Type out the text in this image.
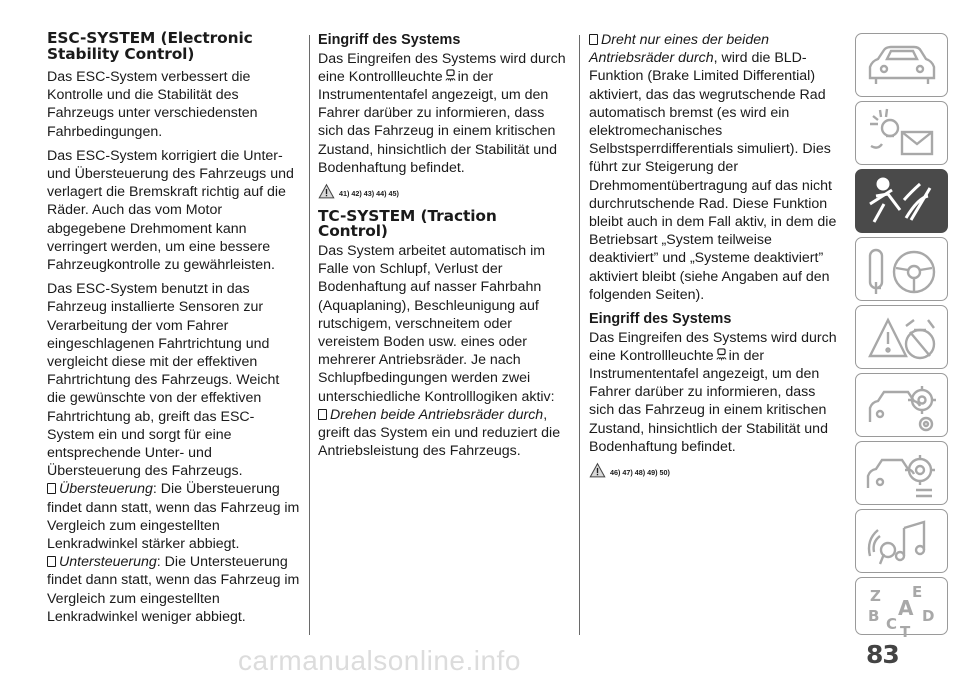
ESC-SYSTEM (Electronic
Stability Control)

Das ESC-System verbessert die Kontrolle und die Stabilität des Fahrzeugs unter verschiedensten Fahrbedingungen.

Das ESC-System korrigiert die Unter- und Übersteuerung des Fahrzeugs und verlagert die Bremskraft richtig auf die Räder. Auch das vom Motor abgegebene Drehmoment kann verringert werden, um eine bessere Fahrzeugkontrolle zu gewährleisten.

Das ESC-System benutzt in das Fahrzeug installierte Sensoren zur Verarbeitung der vom Fahrer eingeschlagenen Fahrtrichtung und vergleicht diese mit der effektiven Fahrtrichtung des Fahrzeugs. Weicht die gewünschte von der effektiven Fahrtrichtung ab, greift das ESC-System ein und sorgt für eine entsprechende Unter- und Übersteuerung des Fahrzeugs.

Übersteuerung: Die Übersteuerung findet dann statt, wenn das Fahrzeug im Vergleich zum eingestellten Lenkradwinkel stärker abbiegt.

Untersteuerung: Die Untersteuerung findet dann statt, wenn das Fahrzeug im Vergleich zum eingestellten Lenkradwinkel weniger abbiegt.

Eingriff des Systems

Das Eingreifen des Systems wird durch eine Kontrollleuchte in der Instrumententafel angezeigt, um den Fahrer darüber zu informieren, dass sich das Fahrzeug in einem kritischen Zustand, hinsichtlich der Stabilität und Bodenhaftung befindet.

41) 42) 43) 44) 45)
TC-SYSTEM (Traction
Control)

Das System arbeitet automatisch im Falle von Schlupf, Verlust der Bodenhaftung auf nasser Fahrbahn (Aquaplaning), Beschleunigung auf rutschigem, verschneitem oder vereistem Boden usw. eines oder mehrerer Antriebsräder. Je nach Schlupfbedingungen werden zwei unterschiedliche Kontrolllogiken aktiv:

Drehen beide Antriebsräder durch, greift das System ein und reduziert die Antriebsleistung des Fahrzeugs.

Dreht nur eines der beiden Antriebsräder durch, wird die BLD-Funktion (Brake Limited Differential) aktiviert, das das wegrutschende Rad automatisch bremst (es wird ein elektromechanisches Selbstsperrdifferentials simuliert). Dies führt zur Steigerung der Drehmomentübertragung auf das nicht durchrutschende Rad. Diese Funktion bleibt auch in dem Fall aktiv, in dem die Betriebsart „System teilweise deaktiviert” und „Systeme deaktiviert” aktiviert bleibt (siehe Angaben auf den folgenden Seiten).

Eingriff des Systems

Das Eingreifen des Systems wird durch eine Kontrollleuchte in der Instrumententafel angezeigt, um den Fahrer darüber zu informieren, dass sich das Fahrzeug in einem kritischen Zustand, hinsichtlich der Stabilität und Bodenhaftung befindet.

46) 47) 48) 49) 50)
Z E
A
B C D
T
carmanualsonline.info	83
